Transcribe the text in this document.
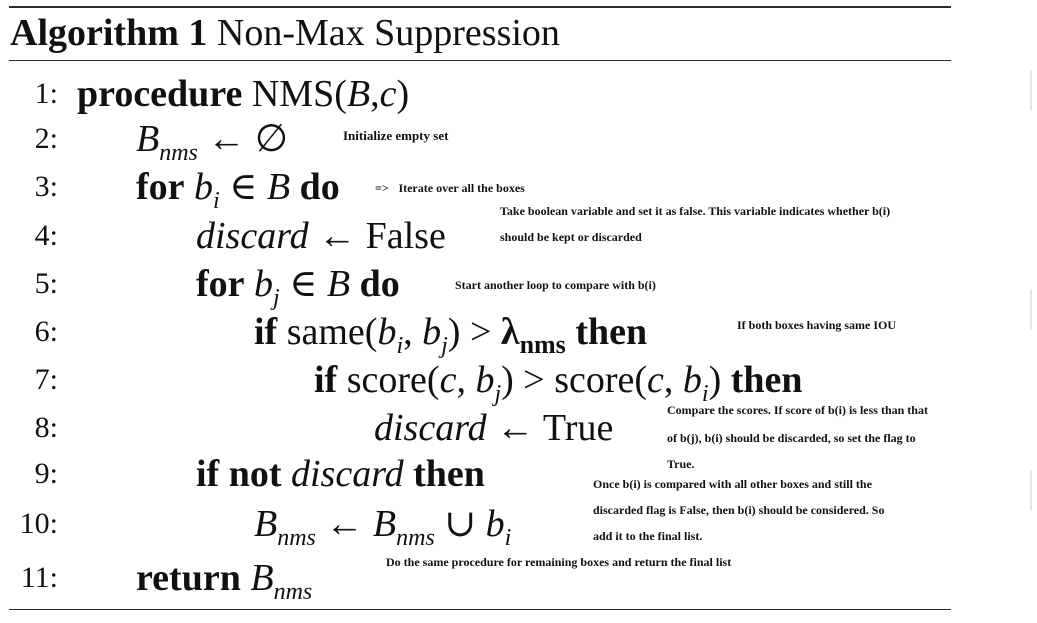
Algorithm 1 Non-Max Suppression
1: procedure NMS(B,c)
2: $B_{nms}$ ← ∅	Initialize empty set
3: for $b_i$ ∈ B do	=> Iterate over all the boxes
4:	discard ← False
Take boolean variable and set it as false. This variable indicates whether b(i)
should be kept or discarded
5:	for $b_j$ ∈ B do	Start another loop to compare with b(i)
6:	if $same(b_i$, $b_j) > \lambda_{nms}$ then	If both boxes having same IOU
7:	if score(c, $b_j$) > score(c, $b_i$) then
8:	discard ← True	Compare the scores. If score of b(i) is less than that
of b(j), b(i) should be discarded, so set the flag to
True.
9:	if not discard then	Once b(i) is compared with all other boxes and still the
discarded flag is False, then b(i) should be considered. So
add it to the final list.
10:	$B_{nms}$ ← $B_{nms}$ ∪ $b_i$
11: return $B_{nms}$
Do the same procedure for remaining boxes and return the final list
